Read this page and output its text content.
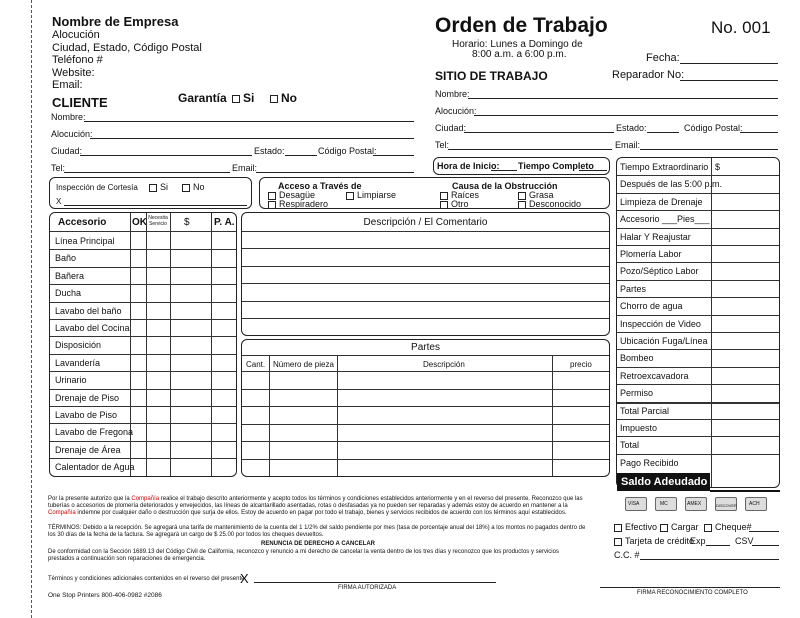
Nombre de Empresa
Alocución
Ciudad, Estado, Código Postal
Teléfono #
Website:
Email:
Orden de Trabajo
Horario: Lunes a Domingo de
8:00 a.m. a 6:00 p.m.
No. 001
Fecha:
Reparador No:
CLIENTE	Garantía	Si	No
Nombre:
Alocución:
Ciudad:	Estado:	Código Postal:
Tel:	Email:
SITIO DE TRABAJO
Nombre:
Alocución:
Ciudad:	Estado:	Código Postal:
Tel:	Email:
Hora de Inicio: Tiempo Completo
Inspección de Cortesía	Si	No
X
Acceso a Través de
Desagüe	Limpiarse
Respiradero
Causa de la Obstrucción
Raíces	Grasa
Otro	Desconocido
Accesorio	OK Necesita Servicio $ P. A.
Línea Principal
Baño
Bañera
Ducha
Lavabo del baño
Lavabo del Cocina
Disposición
Lavandería
Urinario
Drenaje de Piso
Lavabo de Piso
Lavabo de Fregona
Drenaje de Área
Calentador de Agua
Descripción / El Comentario
Partes
Cant. Número de pieza	Descripción	precio
$
Tiempo Extraordinario
Después de las 5:00 p.m.
Limpieza de Drenaje
Accesorio ___Pies___
Halar Y Reajustar
Plomería Labor
Pozo/Séptico Labor
Partes
Chorro de agua
Inspección de Video
Ubicación Fuga/Línea
Bombeo
Retroexcavadora
Permiso
Total Parcial
Impuesto
Total
Pago Recibido
Saldo Adeudado
VISA	MC	AMEX	DISCOVER ACH
Efectivo	Cargar	Cheque#
Tarjeta de crédito
Exp	CSV
C.C. #
Por la presente autorizo que la Compañía realice el trabajo descrito anteriormente y acepto todos los términos y condiciones establecidos anteriormente y en el reverso del presente. Reconozco que las tuberías o accesorios de plomería deteriorados y envejecidos, las líneas de alcantarillado asentadas, rotas o desfasadas ya no pueden ser reparadas y además estoy de acuerdo en mantener a la Compañía indemne por cualquier daño o destrucción que surja de ellos. Estoy de acuerdo en pagar por todo el trabajo, bienes y servicios recibidos de acuerdo con los términos aquí establecidos.
TÉRMINOS: Debido a la recepción. Se agregará una tarifa de mantenimiento de la cuenta del 1 1/2% del saldo pendiente por mes (tasa de porcentaje anual del 18%) a los montos no pagados dentro de los 30 días de la fecha de la factura. Se agregará un cargo de $ 25.00 por todos los cheques devueltos.
RENUNCIA DE DERECHO A CANCELAR
De conformidad con la Sección 1689.13 del Código Civil de California, reconozco y renuncio a mi derecho de cancelar la venta dentro de los tres días y reconozco que los productos y servicios prestados a continuación son reparaciones de emergencia.
Términos y condiciones adicionales contenidos en el reverso del presente.
X
FIRMA AUTORIZADA
FIRMA RECONOCIMIENTO COMPLETO
One Stop Printers 800-406-0982 #2086
